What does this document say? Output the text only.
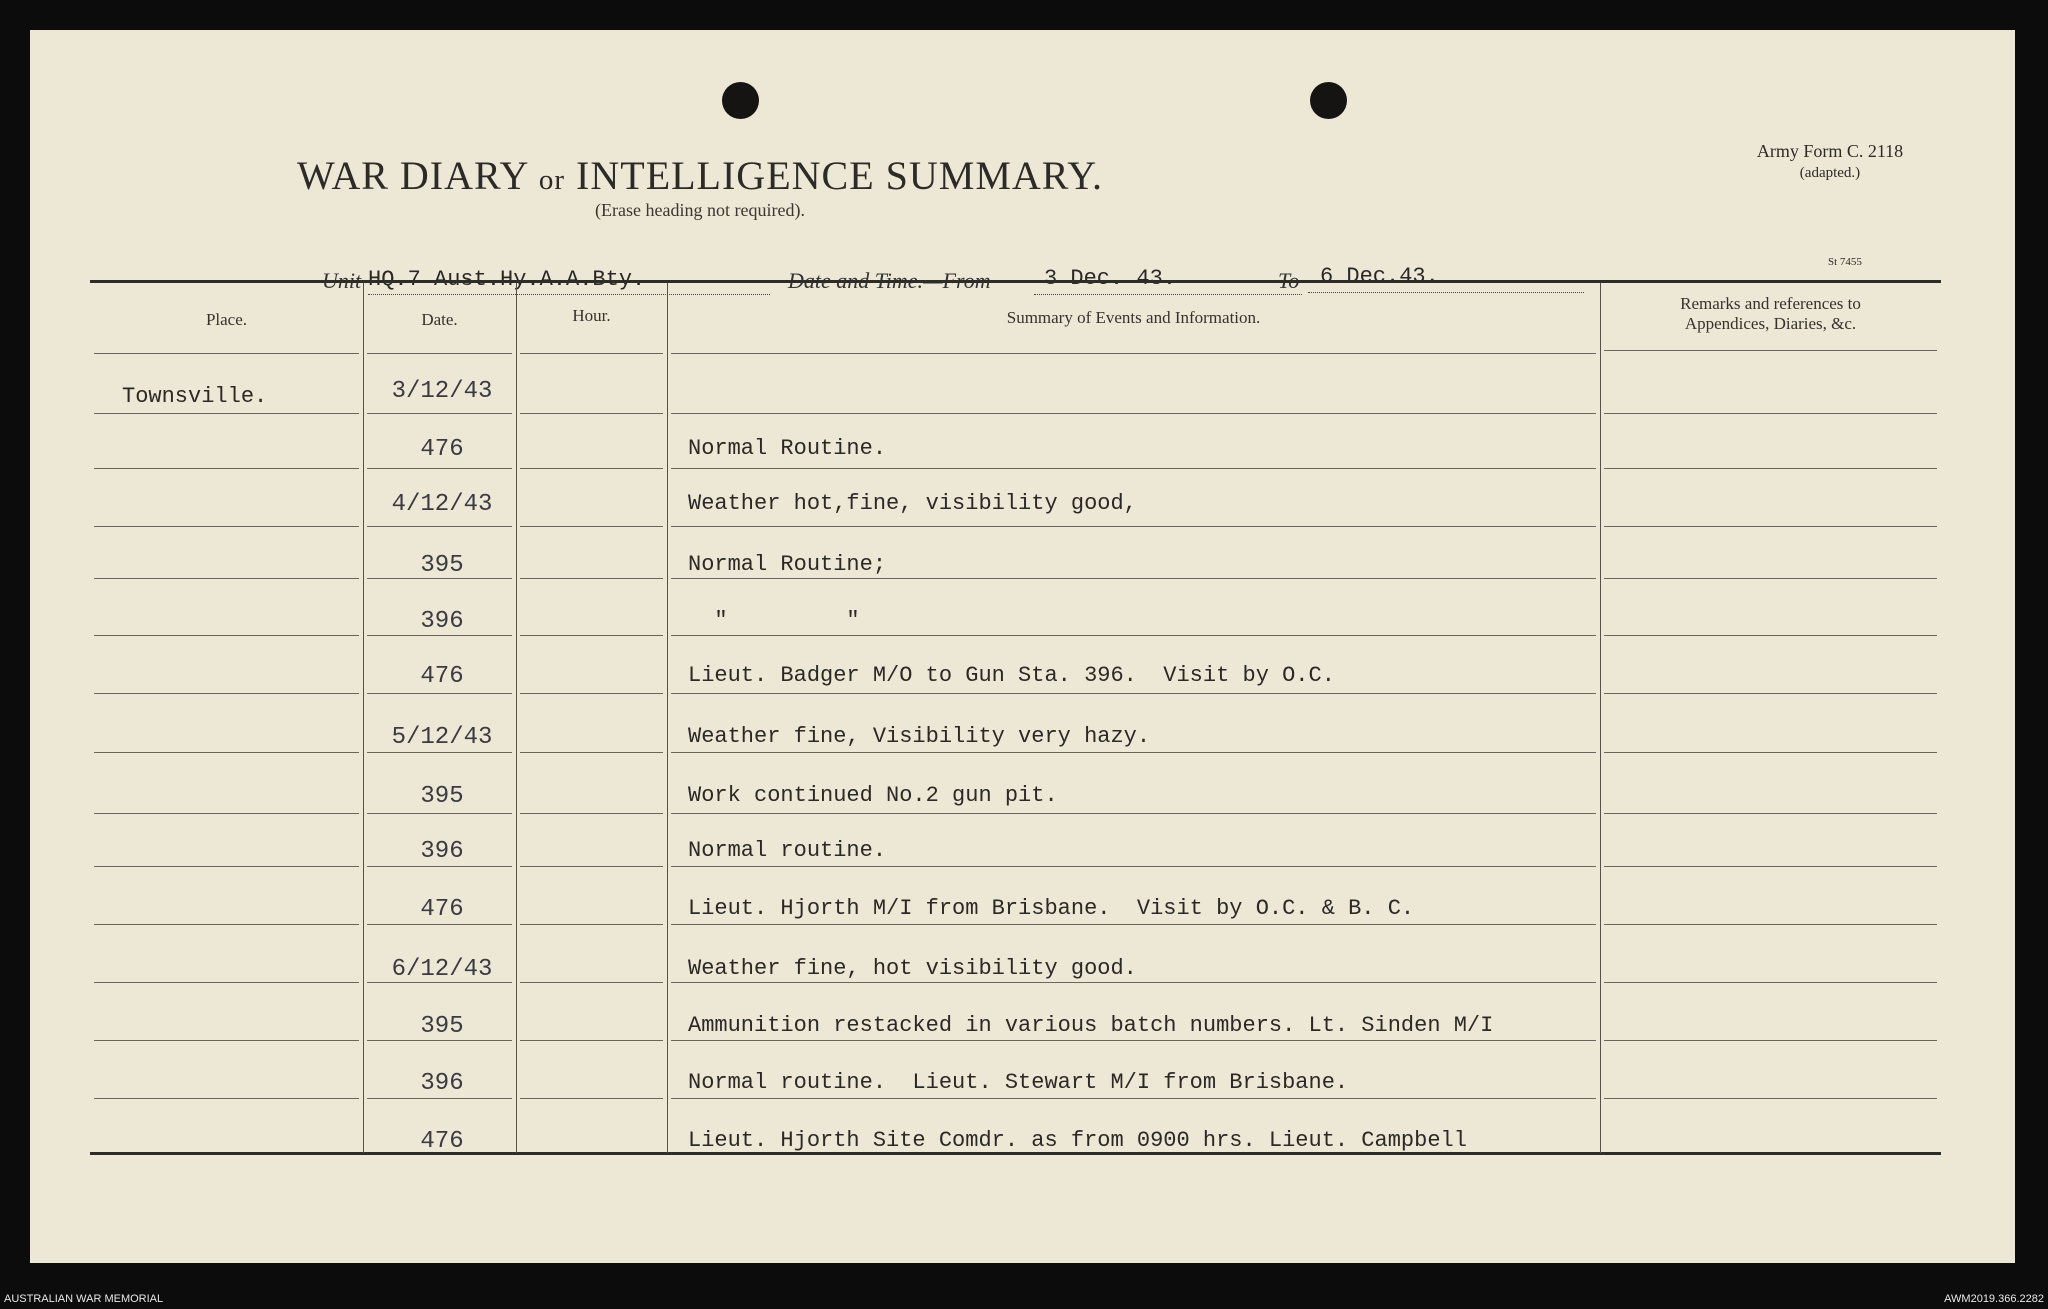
WAR DIARY or INTELLIGENCE SUMMARY.
(Erase heading not required).
Army Form C. 2118
(adapted.)
St 7455
Unit HQ.7 Aust.Hy.A.A.Bty.	Date and Time.—From 3 Dec. 43.	To 6 Dec.43.
Place.	Date.	Hour.	Summary of Events and Information.
Remarks and references to
Appendices, Diaries, &c.
Townsville.	3/12/43
476	Normal Routine.
4/12/43	Weather hot,fine, visibility good,
395	Normal Routine;
396	"         "
476	Lieut. Badger M/O to Gun Sta. 396.  Visit by O.C.
5/12/43	Weather fine, Visibility very hazy.
395	Work continued No.2 gun pit.
396	Normal routine.
476	Lieut. Hjorth M/I from Brisbane.  Visit by O.C. & B. C.
6/12/43	Weather fine, hot visibility good.
395	Ammunition restacked in various batch numbers. Lt. Sinden M/I
396	Normal routine.  Lieut. Stewart M/I from Brisbane.
476	Lieut. Hjorth Site Comdr. as from 0900 hrs. Lieut. Campbell
AUSTRALIAN WAR MEMORIAL	AWM2019.366.2282
